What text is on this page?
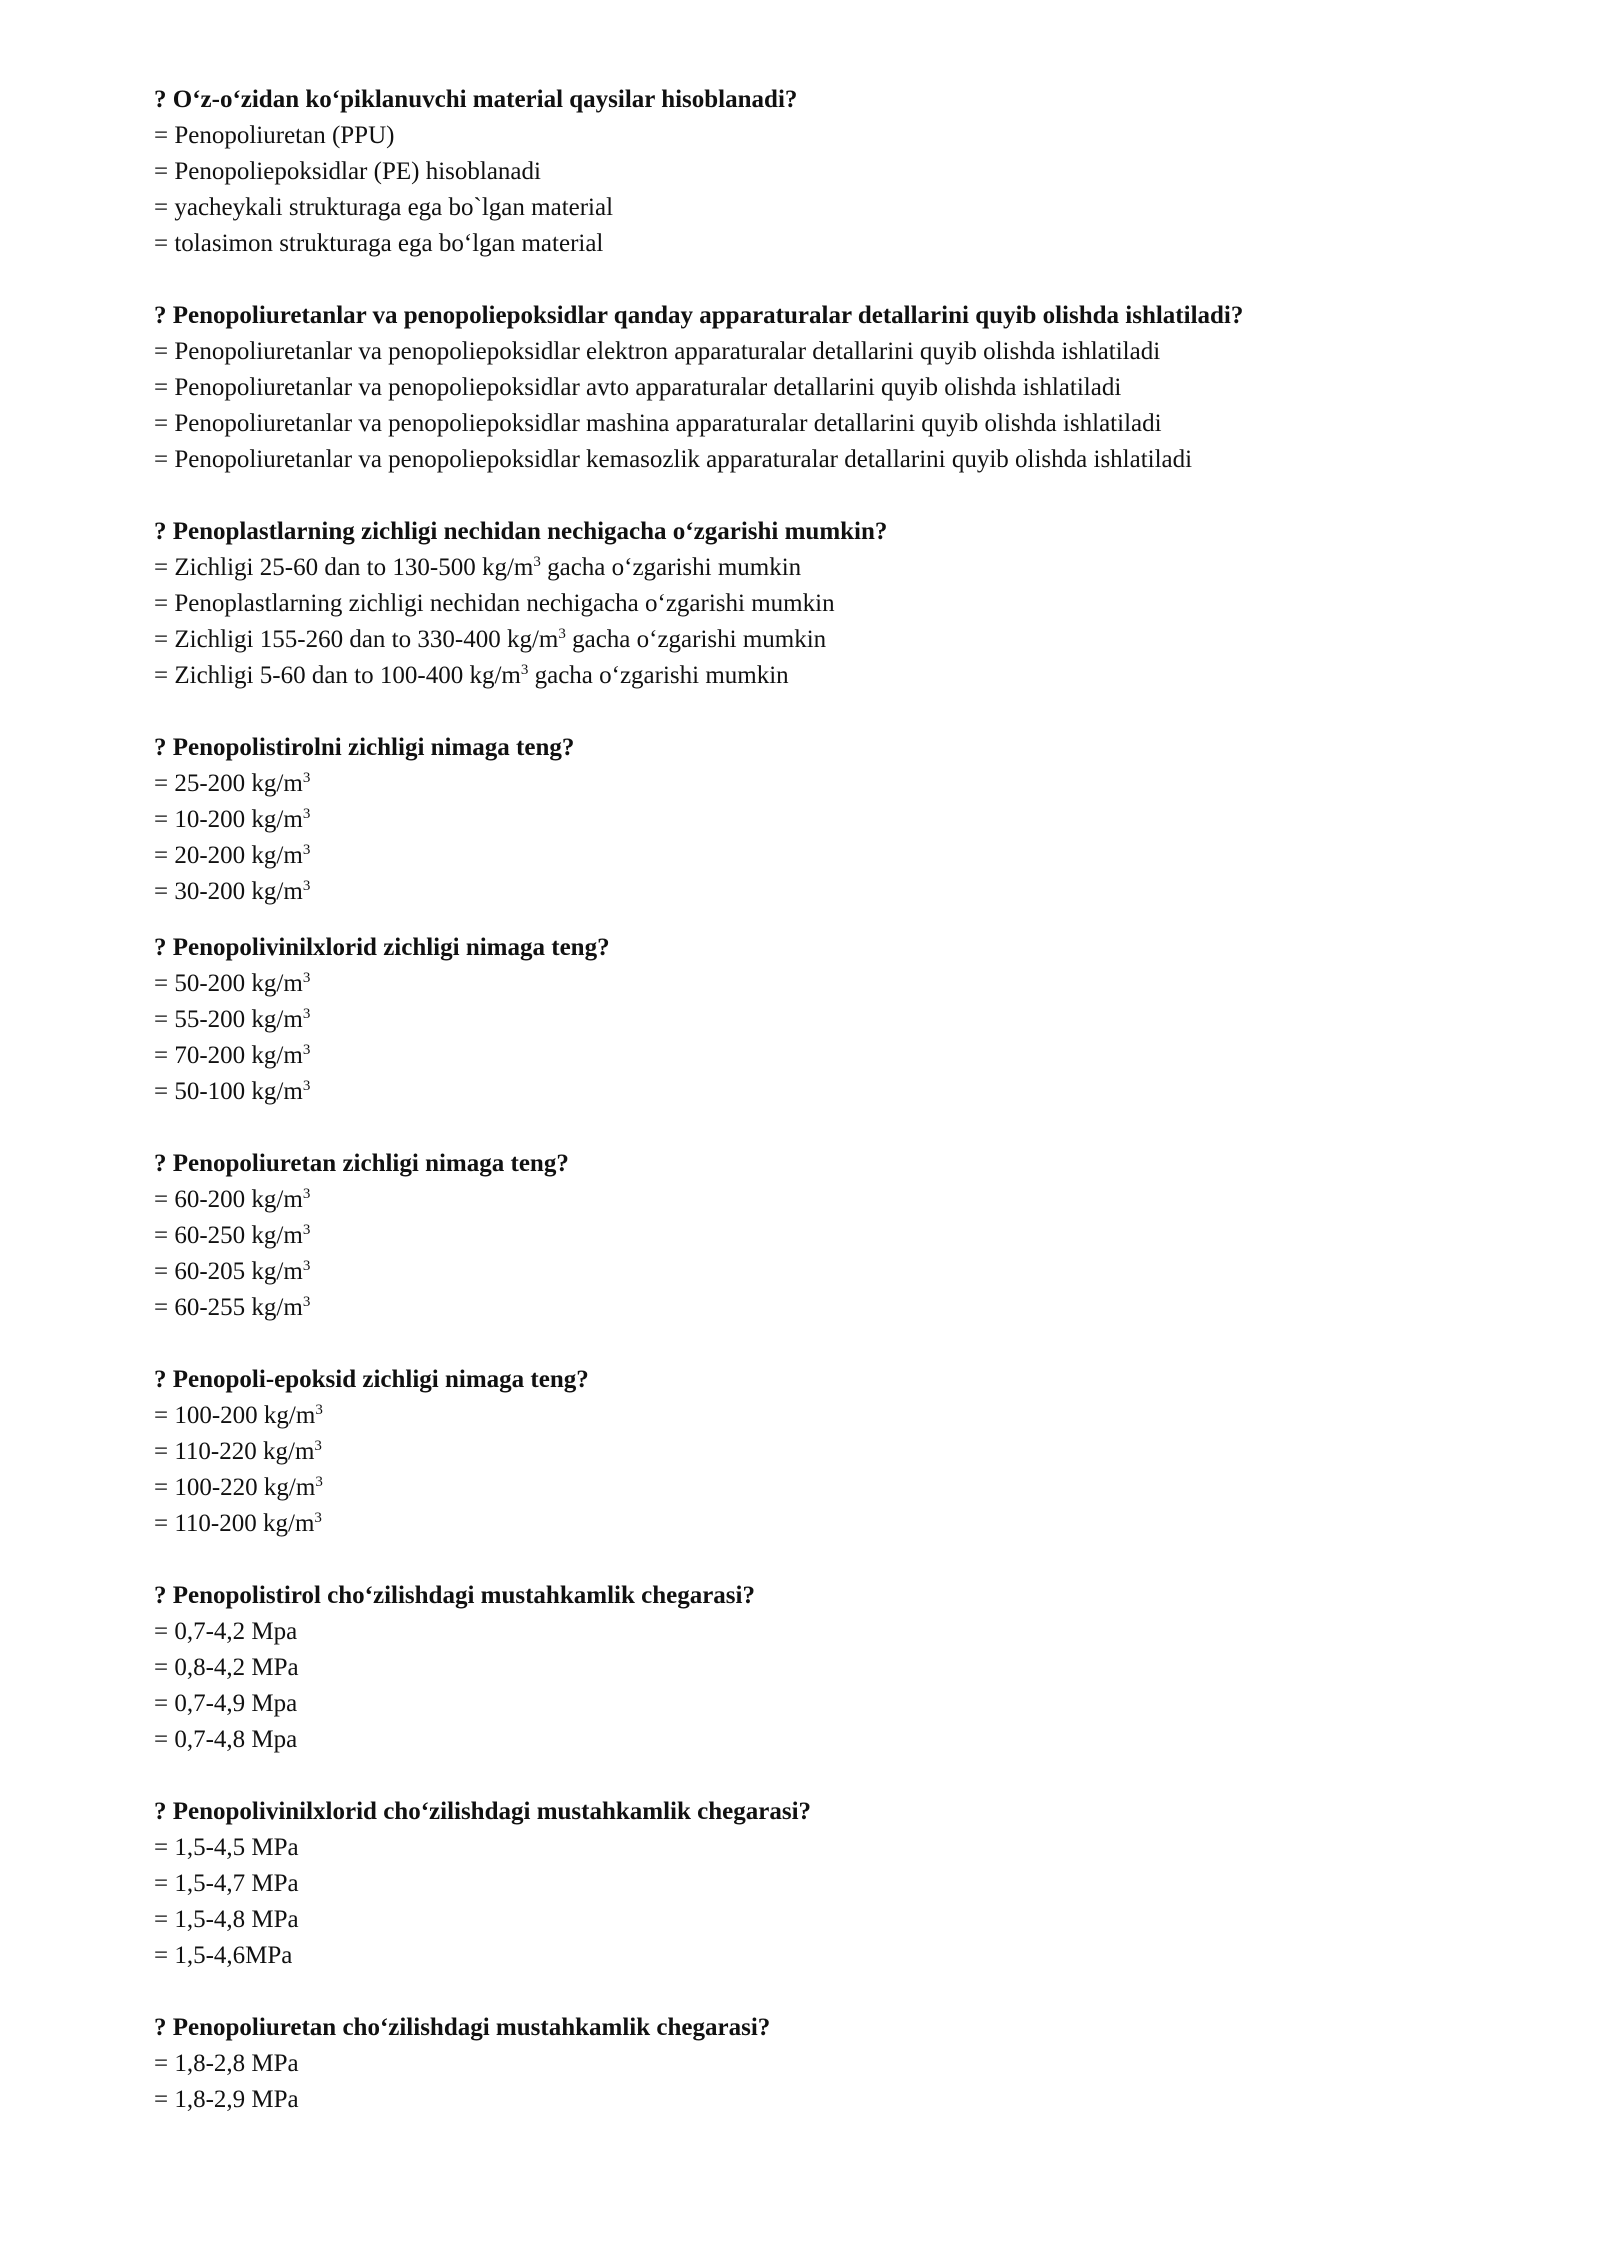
? O‘z-o‘zidan ko‘piklanuvchi material qaysilar hisoblanadi?
= Penopoliuretan (PPU)
= Penopoliepoksidlar (PE) hisoblanadi
= yacheykali strukturaga ega bo`lgan material
= tolasimon strukturaga ega bo‘lgan material
? Penopoliuretanlar va penopoliepoksidlar qanday apparaturalar detallarini quyib olishda ishlatiladi?
= Penopoliuretanlar va penopoliepoksidlar elektron apparaturalar detallarini quyib olishda ishlatiladi
= Penopoliuretanlar va penopoliepoksidlar avto apparaturalar detallarini quyib olishda ishlatiladi
= Penopoliuretanlar va penopoliepoksidlar mashina apparaturalar detallarini quyib olishda ishlatiladi
= Penopoliuretanlar va penopoliepoksidlar kemasozlik apparaturalar detallarini quyib olishda ishlatiladi
? Penoplastlarning zichligi nechidan nechigacha o‘zgarishi mumkin?
= Zichligi 25-60 dan to 130-500 $kg/m^3$ gacha o‘zgarishi mumkin
= Penoplastlarning zichligi nechidan nechigacha o‘zgarishi mumkin
= Zichligi 155-260 dan to 330-400 $kg/m^3$ gacha o‘zgarishi mumkin
= Zichligi 5-60 dan to 100-400 $kg/m^3$ gacha o‘zgarishi mumkin
? Penopolistirolni zichligi nimaga teng?
= 25-200 $kg/m^3$
= 10-200 $kg/m^3$
= 20-200 $kg/m^3$
= 30-200 $kg/m^3$
? Penopolivinilxlorid zichligi nimaga teng?
= 50-200 $kg/m^3$
= 55-200 $kg/m^3$
= 70-200 $kg/m^3$
= 50-100 $kg/m^3$
? Penopoliuretan zichligi nimaga teng?
= 60-200 $kg/m^3$
= 60-250 $kg/m^3$
= 60-205 $kg/m^3$
= 60-255 $kg/m^3$
? Penopoli-epoksid zichligi nimaga teng?
= 100-200 $kg/m^3$
= 110-220 $kg/m^3$
= 100-220 $kg/m^3$
= 110-200 $kg/m^3$
? Penopolistirol cho‘zilishdagi mustahkamlik chegarasi?
= 0,7-4,2 Mpa
= 0,8-4,2 MPa
= 0,7-4,9 Mpa
= 0,7-4,8 Mpa
? Penopolivinilxlorid cho‘zilishdagi mustahkamlik chegarasi?
= 1,5-4,5 MPa
= 1,5-4,7 MPa
= 1,5-4,8 MPa
= 1,5-4,6MPa
? Penopoliuretan cho‘zilishdagi mustahkamlik chegarasi?
= 1,8-2,8 MPa
= 1,8-2,9 MPa
